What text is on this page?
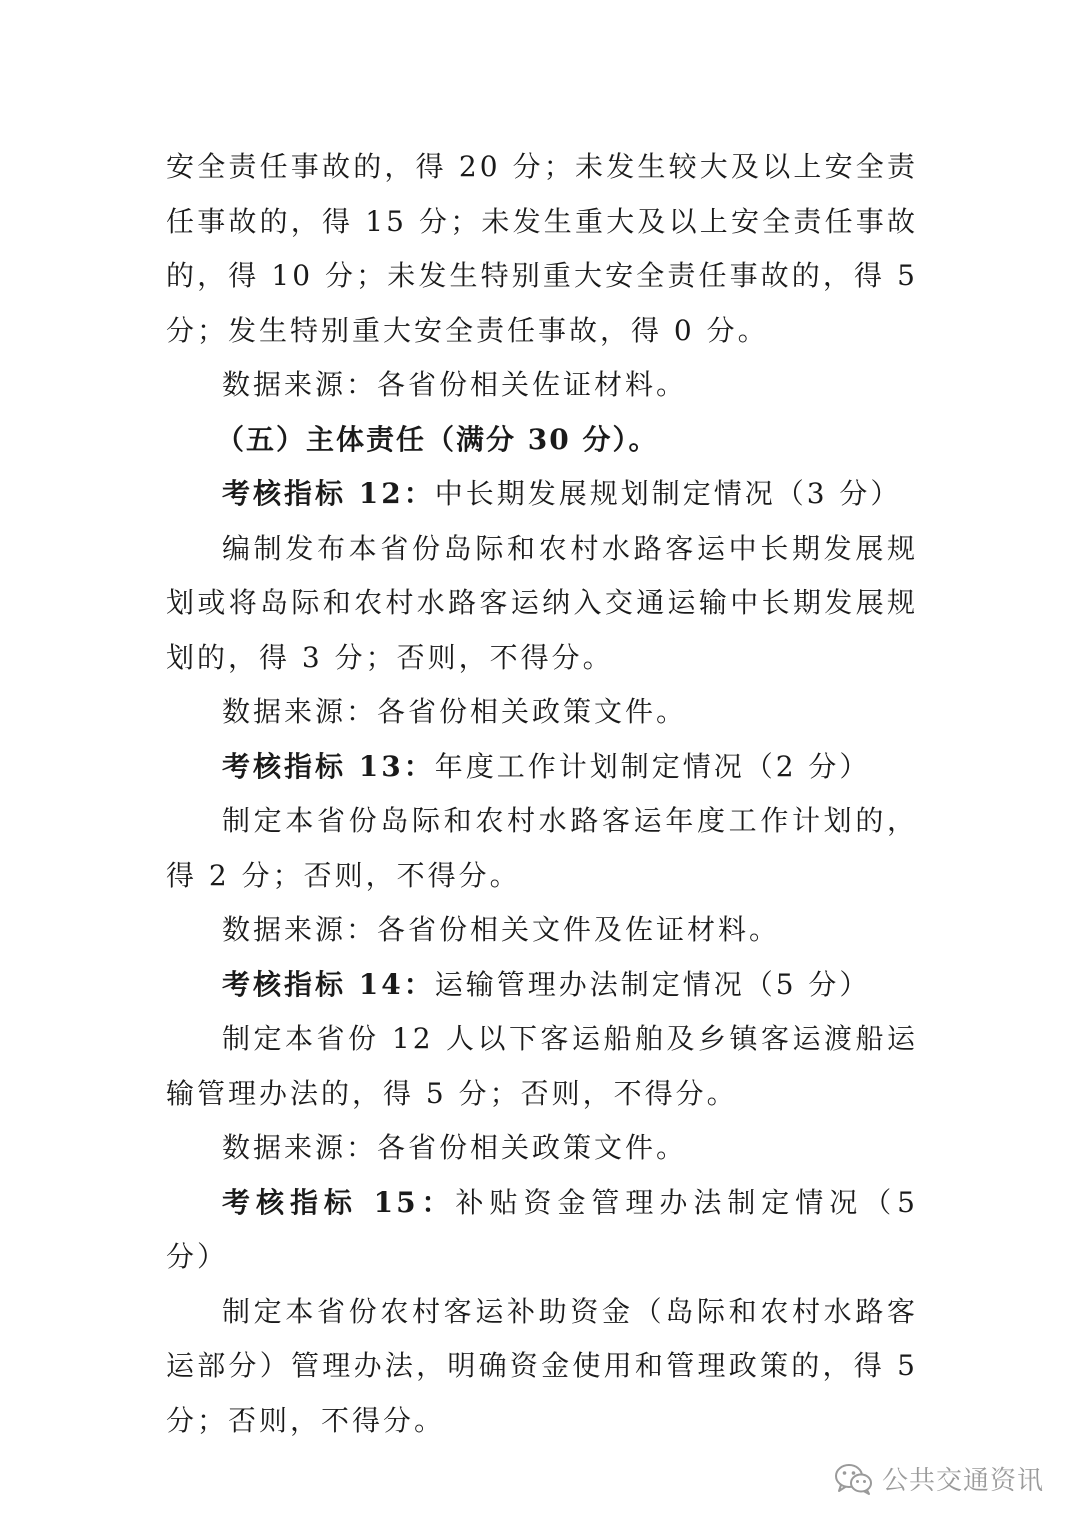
安全责任事故的，得 20 分；未发生较大及以上安全责任事故的，得 15 分；未发生重大及以上安全责任事故的，得 10 分；未发生特别重大安全责任事故的，得 5 分；发生特别重大安全责任事故，得 0 分。

数据来源：各省份相关佐证材料。

（五）主体责任（满分 30 分）。

考核指标 12：中长期发展规划制定情况（3 分）

编制发布本省份岛际和农村水路客运中长期发展规划或将岛际和农村水路客运纳入交通运输中长期发展规划的，得 3 分；否则，不得分。

数据来源：各省份相关政策文件。

考核指标 13：年度工作计划制定情况（2 分）

制定本省份岛际和农村水路客运年度工作计划的，得 2 分；否则，不得分。

数据来源：各省份相关文件及佐证材料。

考核指标 14：运输管理办法制定情况（5 分）

制定本省份 12 人以下客运船舶及乡镇客运渡船运输管理办法的，得 5 分；否则，不得分。

数据来源：各省份相关政策文件。

考核指标 15：补贴资金管理办法制定情况（5 分）

制定本省份农村客运补助资金（岛际和农村水路客运部分）管理办法，明确资金使用和管理政策的，得 5 分；否则，不得分。

公共交通资讯
